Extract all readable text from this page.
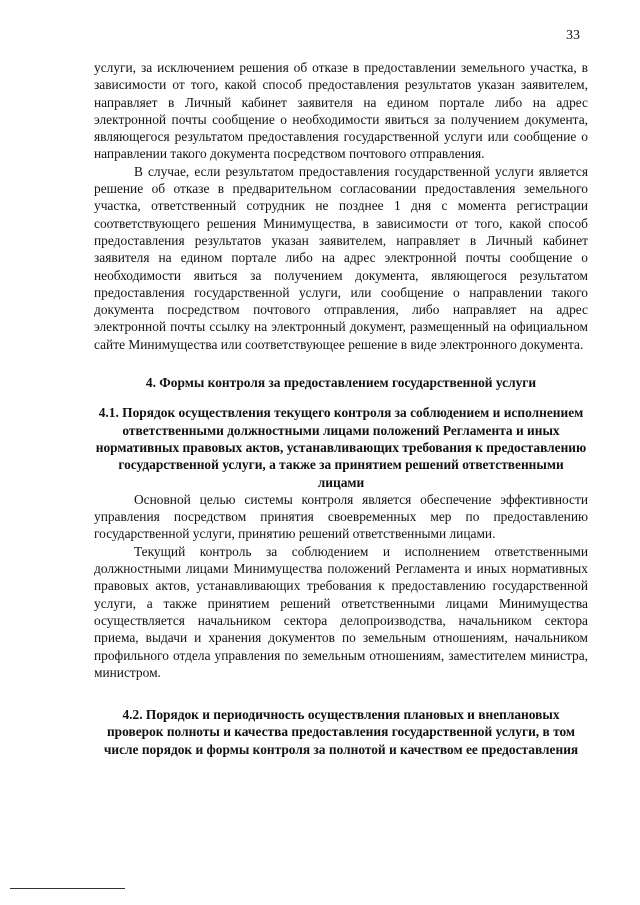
33

услуги, за исключением решения об отказе в предоставлении земельного участка, в зависимости от того, какой способ предоставления результатов указан заявителем, направляет в Личный кабинет заявителя на едином портале либо на адрес электронной почты сообщение о необходимости явиться за получением документа, являющегося результатом предоставления государственной услуги или сообщение о направлении такого документа посредством почтового отправления.

В случае, если результатом предоставления государственной услуги является решение об отказе в предварительном согласовании предоставления земельного участка, ответственный сотрудник не позднее 1 дня с момента регистрации соответствующего решения Минимущества, в зависимости от того, какой способ предоставления результатов указан заявителем, направляет в Личный кабинет заявителя на едином портале либо на адрес электронной почты сообщение о необходимости явиться за получением документа, являющегося результатом предоставления государственной услуги, или сообщение о направлении такого документа посредством почтового отправления, либо направляет на адрес электронной почты ссылку на электронный документ, размещенный на официальном сайте Минимущества или соответствующее решение в виде электронного документа.

4. Формы контроля за предоставлением государственной услуги
4.1. Порядок осуществления текущего контроля за соблюдением и исполнением ответственными должностными лицами положений Регламента и иных нормативных правовых актов, устанавливающих требования к предоставлению государственной услуги, а также за принятием решений ответственными лицами

Основной целью системы контроля является обеспечение эффективности управления посредством принятия своевременных мер по предоставлению государственной услуги, принятию решений ответственными лицами.

Текущий контроль за соблюдением и исполнением ответственными должностными лицами Минимущества положений Регламента и иных нормативных правовых актов, устанавливающих требования к предоставлению государственной услуги, а также принятием решений ответственными лицами Минимущества осуществляется начальником сектора делопроизводства, начальником сектора приема, выдачи и хранения документов по земельным отношениям, начальником профильного отдела управления по земельным отношениям, заместителем министра, министром.

4.2. Порядок и периодичность осуществления плановых и внеплановых проверок полноты и качества предоставления государственной услуги, в том числе порядок и формы контроля за полнотой и качеством ее предоставления
